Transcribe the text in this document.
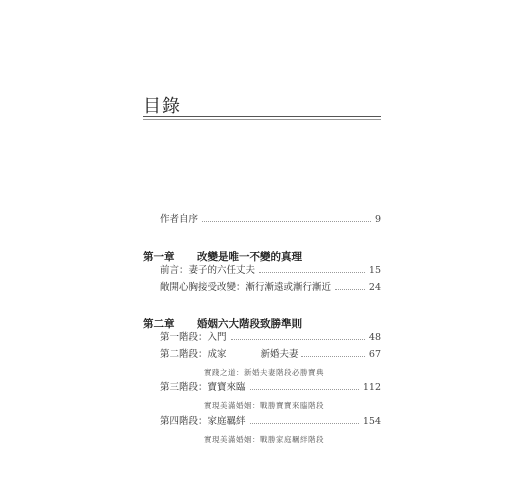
目錄
作者自序	9
第一章	改變是唯一不變的真理
前言：妻子的六任丈夫	15
敞開心胸接受改變：漸行漸遠或漸行漸近	24
第二章	婚姻六大階段致勝準則
第一階段：入門	48
第二階段：成家	新婚夫妻	67
實踐之道：新婚夫妻階段必勝寶典
第三階段：寶寶來臨	112
實現美滿婚姻：戰勝寶寶來臨階段
第四階段：家庭羈絆	154
實現美滿婚姻：戰勝家庭羈絆階段
